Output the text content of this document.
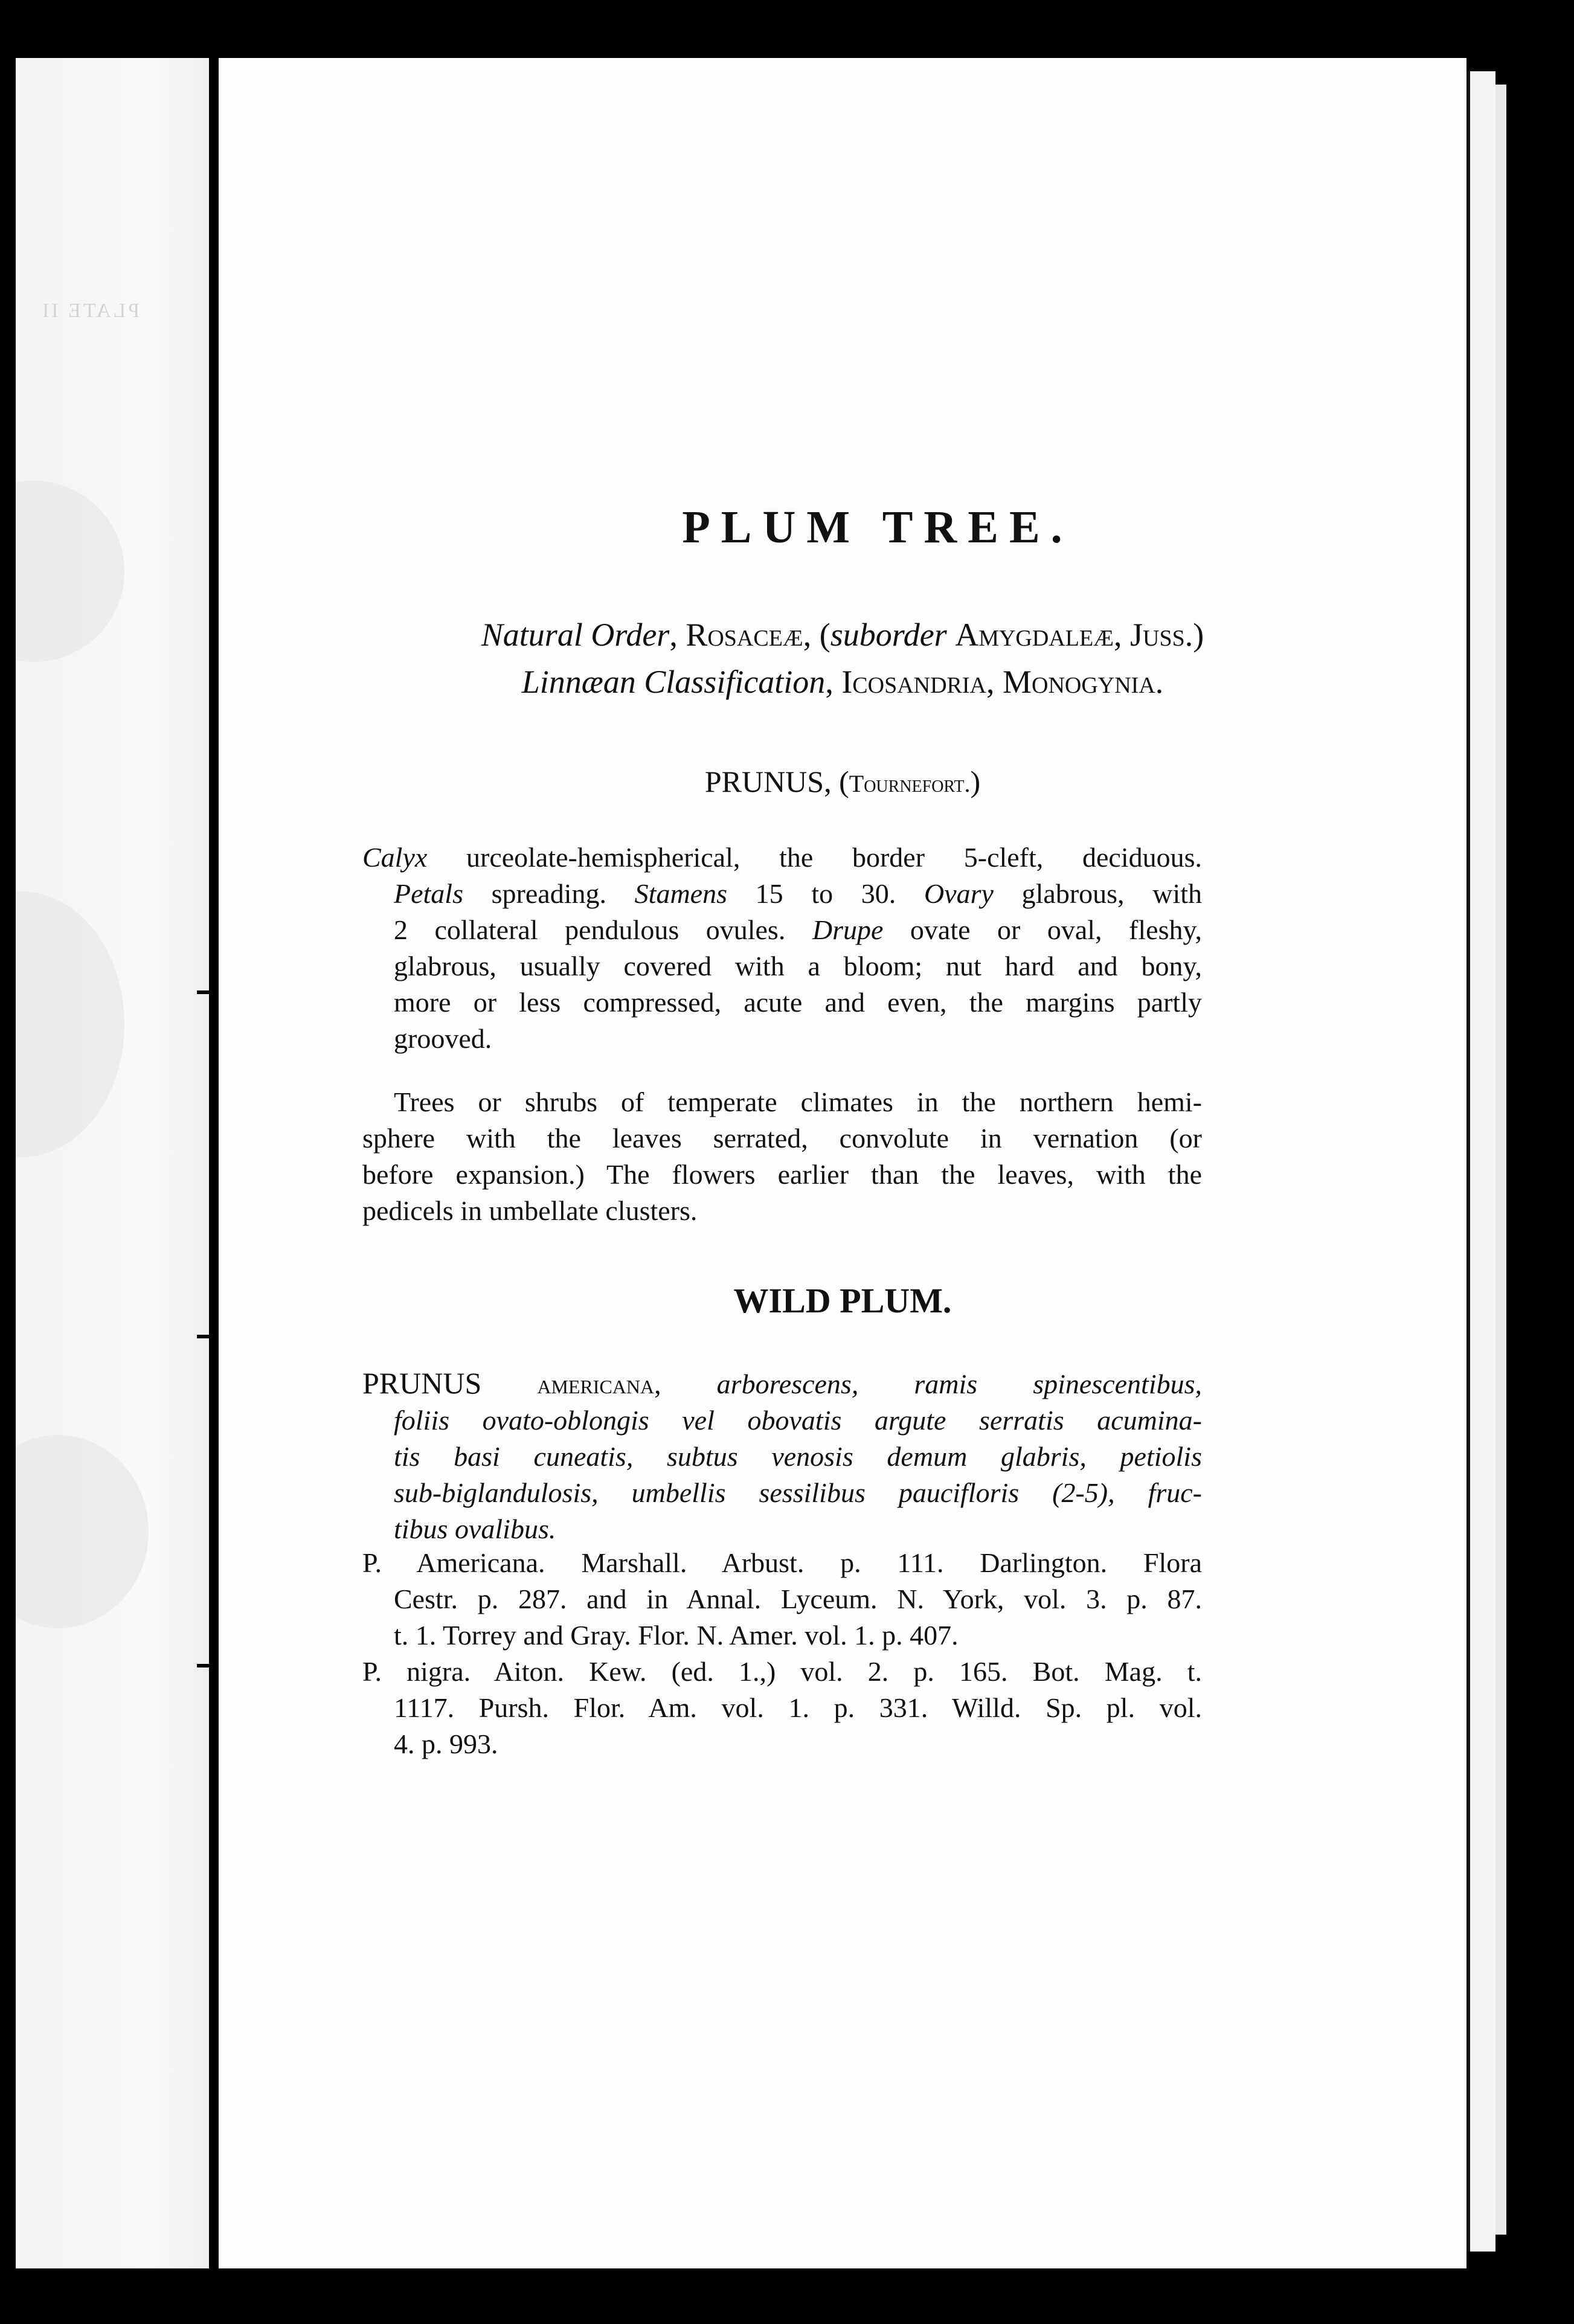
PLATE II
PLUM TREE.
Natural Order, Rosaceæ, (suborder Amygdaleæ, Juss.)
Linnæan Classification, Icosandria, Monogynia.
PRUNUS, (Tournefort.)

Calyx urceolate-hemispherical, the border 5-cleft, deciduous.

Petals spreading. Stamens 15 to 30. Ovary glabrous, with

2 collateral pendulous ovules. Drupe ovate or oval, fleshy,

glabrous, usually covered with a bloom; nut hard and bony,

more or less compressed, acute and even, the margins partly

grooved.

Trees or shrubs of temperate climates in the northern hemi-

sphere with the leaves serrated, convolute in vernation (or

before expansion.) The flowers earlier than the leaves, with the

pedicels in umbellate clusters.

WILD PLUM.

PRUNUS americana, arborescens, ramis spinescentibus,

foliis ovato-oblongis vel obovatis argute serratis acumina-

tis basi cuneatis, subtus venosis demum glabris, petiolis

sub-biglandulosis, umbellis sessilibus paucifloris (2-5), fruc-

tibus ovalibus.

P. Americana. Marshall. Arbust. p. 111. Darlington. Flora

Cestr. p. 287. and in Annal. Lyceum. N. York, vol. 3. p. 87.

t. 1. Torrey and Gray. Flor. N. Amer. vol. 1. p. 407.

P. nigra. Aiton. Kew. (ed. 1.,) vol. 2. p. 165. Bot. Mag. t.

1117. Pursh. Flor. Am. vol. 1. p. 331. Willd. Sp. pl. vol.

4. p. 993.
